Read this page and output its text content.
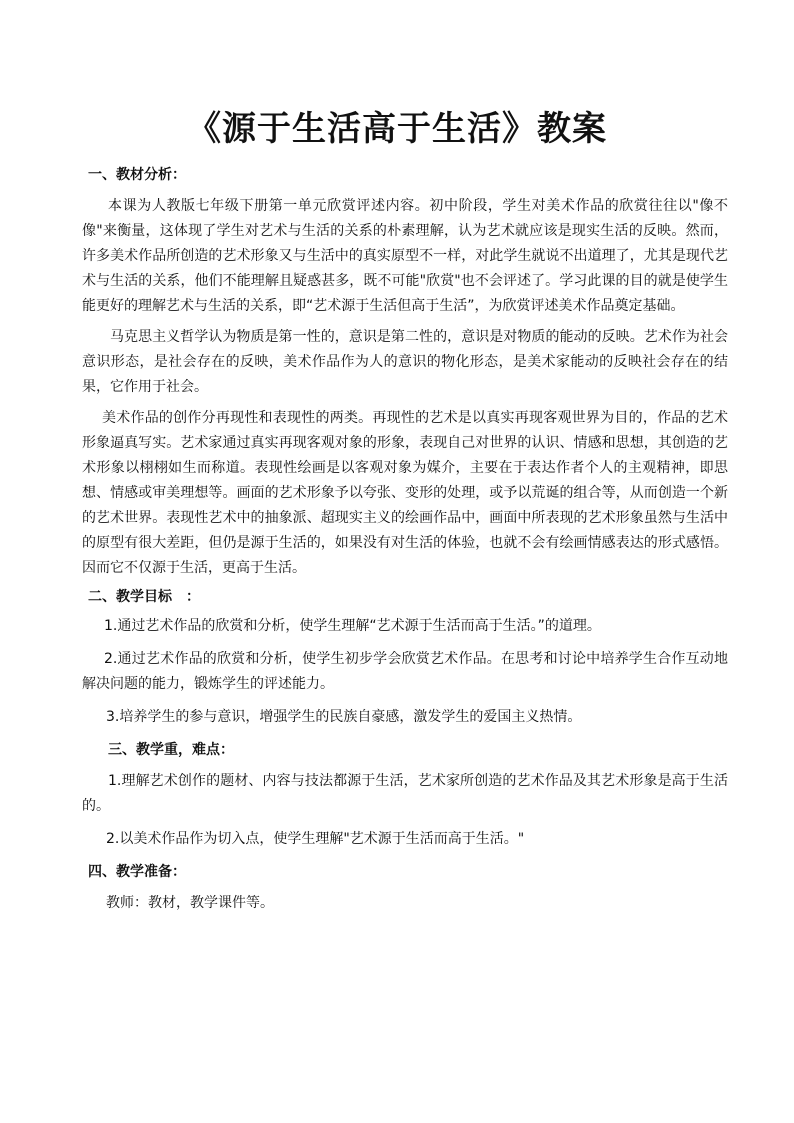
《源于生活高于生活》教案

一、教材分析：

本课为人教版七年级下册第一单元欣赏评述内容。初中阶段，学生对美术作品的欣赏往往以"像不像"来衡量，这体现了学生对艺术与生活的关系的朴素理解，认为艺术就应该是现实生活的反映。然而，许多美术作品所创造的艺术形象又与生活中的真实原型不一样，对此学生就说不出道理了，尤其是现代艺术与生活的关系，他们不能理解且疑惑甚多，既不可能"欣赏"也不会评述了。学习此课的目的就是使学生能更好的理解艺术与生活的关系，即“艺术源于生活但高于生活”，为欣赏评述美术作品奠定基础。

马克思主义哲学认为物质是第一性的，意识是第二性的，意识是对物质的能动的反映。艺术作为社会意识形态，是社会存在的反映，美术作品作为人的意识的物化形态，是美术家能动的反映社会存在的结果，它作用于社会。

美术作品的创作分再现性和表现性的两类。再现性的艺术是以真实再现客观世界为目的，作品的艺术形象逼真写实。艺术家通过真实再现客观对象的形象，表现自己对世界的认识、情感和思想，其创造的艺术形象以栩栩如生而称道。表现性绘画是以客观对象为媒介，主要在于表达作者个人的主观精神，即思想、情感或审美理想等。画面的艺术形象予以夸张、变形的处理，或予以荒诞的组合等，从而创造一个新的艺术世界。表现性艺术中的抽象派、超现实主义的绘画作品中，画面中所表现的艺术形象虽然与生活中的原型有很大差距，但仍是源于生活的，如果没有对生活的体验，也就不会有绘画情感表达的形式感悟。因而它不仅源于生活，更高于生活。

二、教学目标　：

1.通过艺术作品的欣赏和分析，使学生理解“艺术源于生活而高于生活。”的道理。

2.通过艺术作品的欣赏和分析，使学生初步学会欣赏艺术作品。在思考和讨论中培养学生合作互动地解决问题的能力，锻炼学生的评述能力。

3.培养学生的参与意识，增强学生的民族自豪感，激发学生的爱国主义热情。

三、教学重，难点：

1.理解艺术创作的题材、内容与技法都源于生活，艺术家所创造的艺术作品及其艺术形象是高于生活的。

2.以美术作品作为切入点，使学生理解"艺术源于生活而高于生活。"

四、教学准备：

教师：教材，教学课件等。
